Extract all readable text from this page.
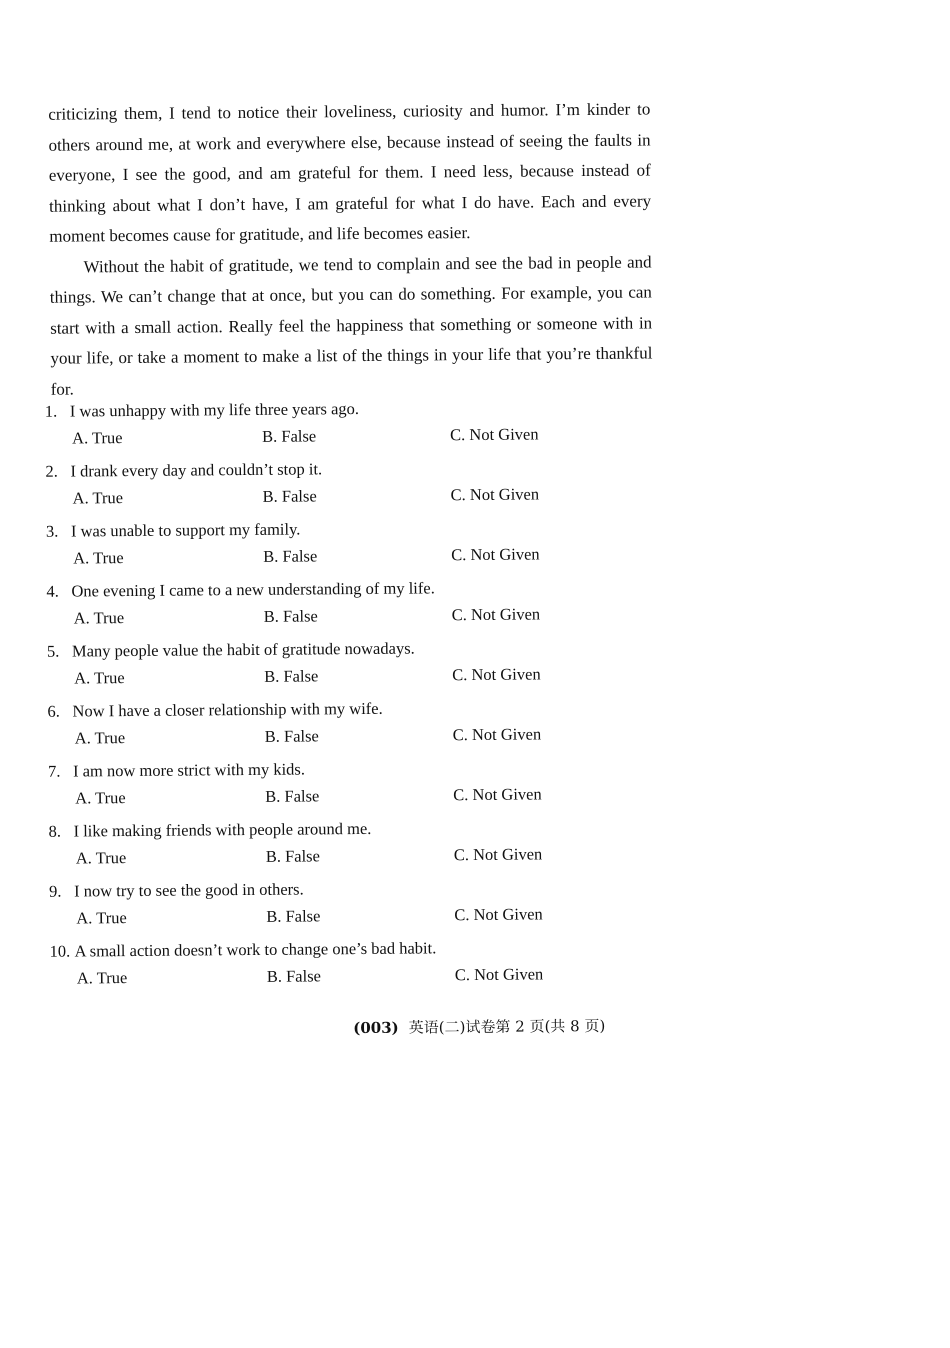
criticizing them, I tend to notice their loveliness, curiosity and humor. I’m kinder to others around me, at work and everywhere else, because instead of seeing the faults in everyone, I see the good, and am grateful for them. I need less, because instead of thinking about what I don’t have, I am grateful for what I do have. Each and every moment becomes cause for gratitude, and life becomes easier.

Without the habit of gratitude, we tend to complain and see the bad in people and things. We can’t change that at once, but you can do something. For example, you can start with a small action. Really feel the happiness that something or someone with in your life, or take a moment to make a list of the things in your life that you’re thankful for.

1. I was unhappy with my life three years ago.
A. True	B. False	C. Not Given
2. I drank every day and couldn’t stop it.
A. True	B. False	C. Not Given
3. I was unable to support my family.
A. True	B. False	C. Not Given
4. One evening I came to a new understanding of my life.
A. True	B. False	C. Not Given
5. Many people value the habit of gratitude nowadays.
A. True	B. False	C. Not Given
6. Now I have a closer relationship with my wife.
A. True	B. False	C. Not Given
7. I am now more strict with my kids.
A. True	B. False	C. Not Given
8. I like making friends with people around me.
A. True	B. False	C. Not Given
9. I now try to see the good in others.
A. True	B. False	C. Not Given
10. A small action doesn’t work to change one’s bad habit.
A. True	B. False	C. Not Given
(003) 英语(二)试卷第 2 页(共 8 页)
